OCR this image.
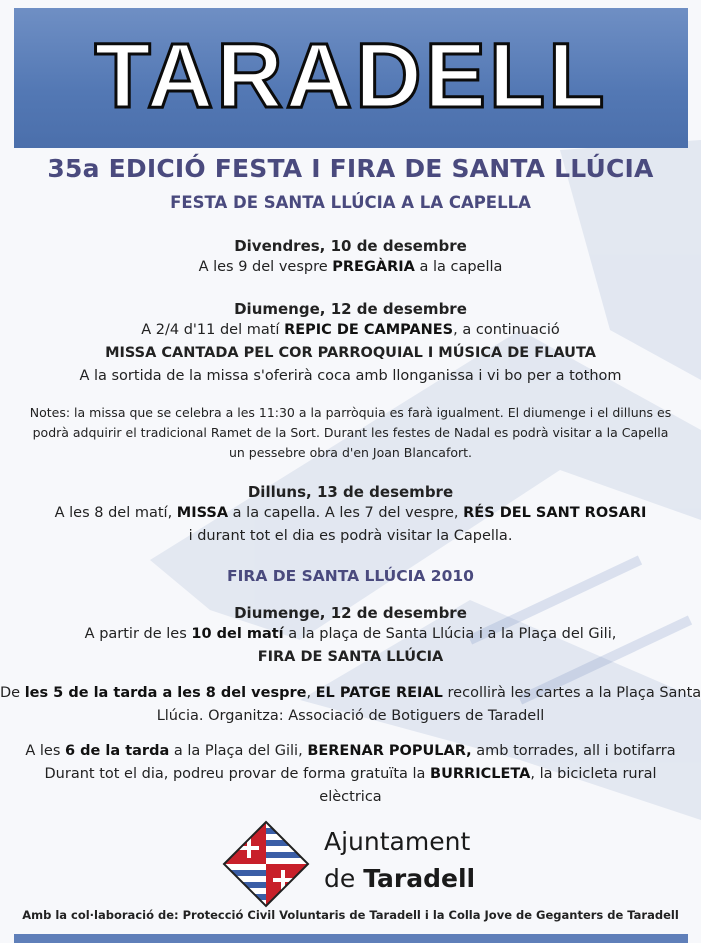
TARADELL
35a EDICIÓ FESTA I FIRA DE SANTA LLÚCIA
FESTA DE SANTA LLÚCIA A LA CAPELLA
Divendres, 10 de desembre
A les 9 del vespre PREGÀRIA a la capella
Diumenge, 12 de desembre
A 2/4 d'11 del matí REPIC DE CAMPANES, a continuació
MISSA CANTADA PEL COR PARROQUIAL I MÚSICA DE FLAUTA
A la sortida de la missa s'oferirà coca amb llonganissa i vi bo per a tothom
Notes: la missa que se celebra a les 11:30 a la parròquia es farà igualment. El diumenge i el dilluns es
podrà adquirir el tradicional Ramet de la Sort. Durant les festes de Nadal es podrà visitar a la Capella
un pessebre obra d'en Joan Blancafort.
Dilluns, 13 de desembre
A les 8 del matí, MISSA a la capella. A les 7 del vespre, RÉS DEL SANT ROSARI
i durant tot el dia es podrà visitar la Capella.
FIRA DE SANTA LLÚCIA 2010
Diumenge, 12 de desembre
A partir de les 10 del matí a la plaça de Santa Llúcia i a la Plaça del Gili,
FIRA DE SANTA LLÚCIA
De les 5 de la tarda a les 8 del vespre, EL PATGE REIAL recollirà les cartes a la Plaça Santa
Llúcia. Organitza: Associació de Botiguers de Taradell
A les 6 de la tarda a la Plaça del Gili, BERENAR POPULAR, amb torrades, all i botifarra
Durant tot el dia, podreu provar de forma gratuïta la BURRICLETA, la bicicleta rural
elèctrica
Ajuntament
de Taradell
Amb la col·laboració de: Protecció Civil Voluntaris de Taradell i la Colla Jove de Geganters de Taradell
